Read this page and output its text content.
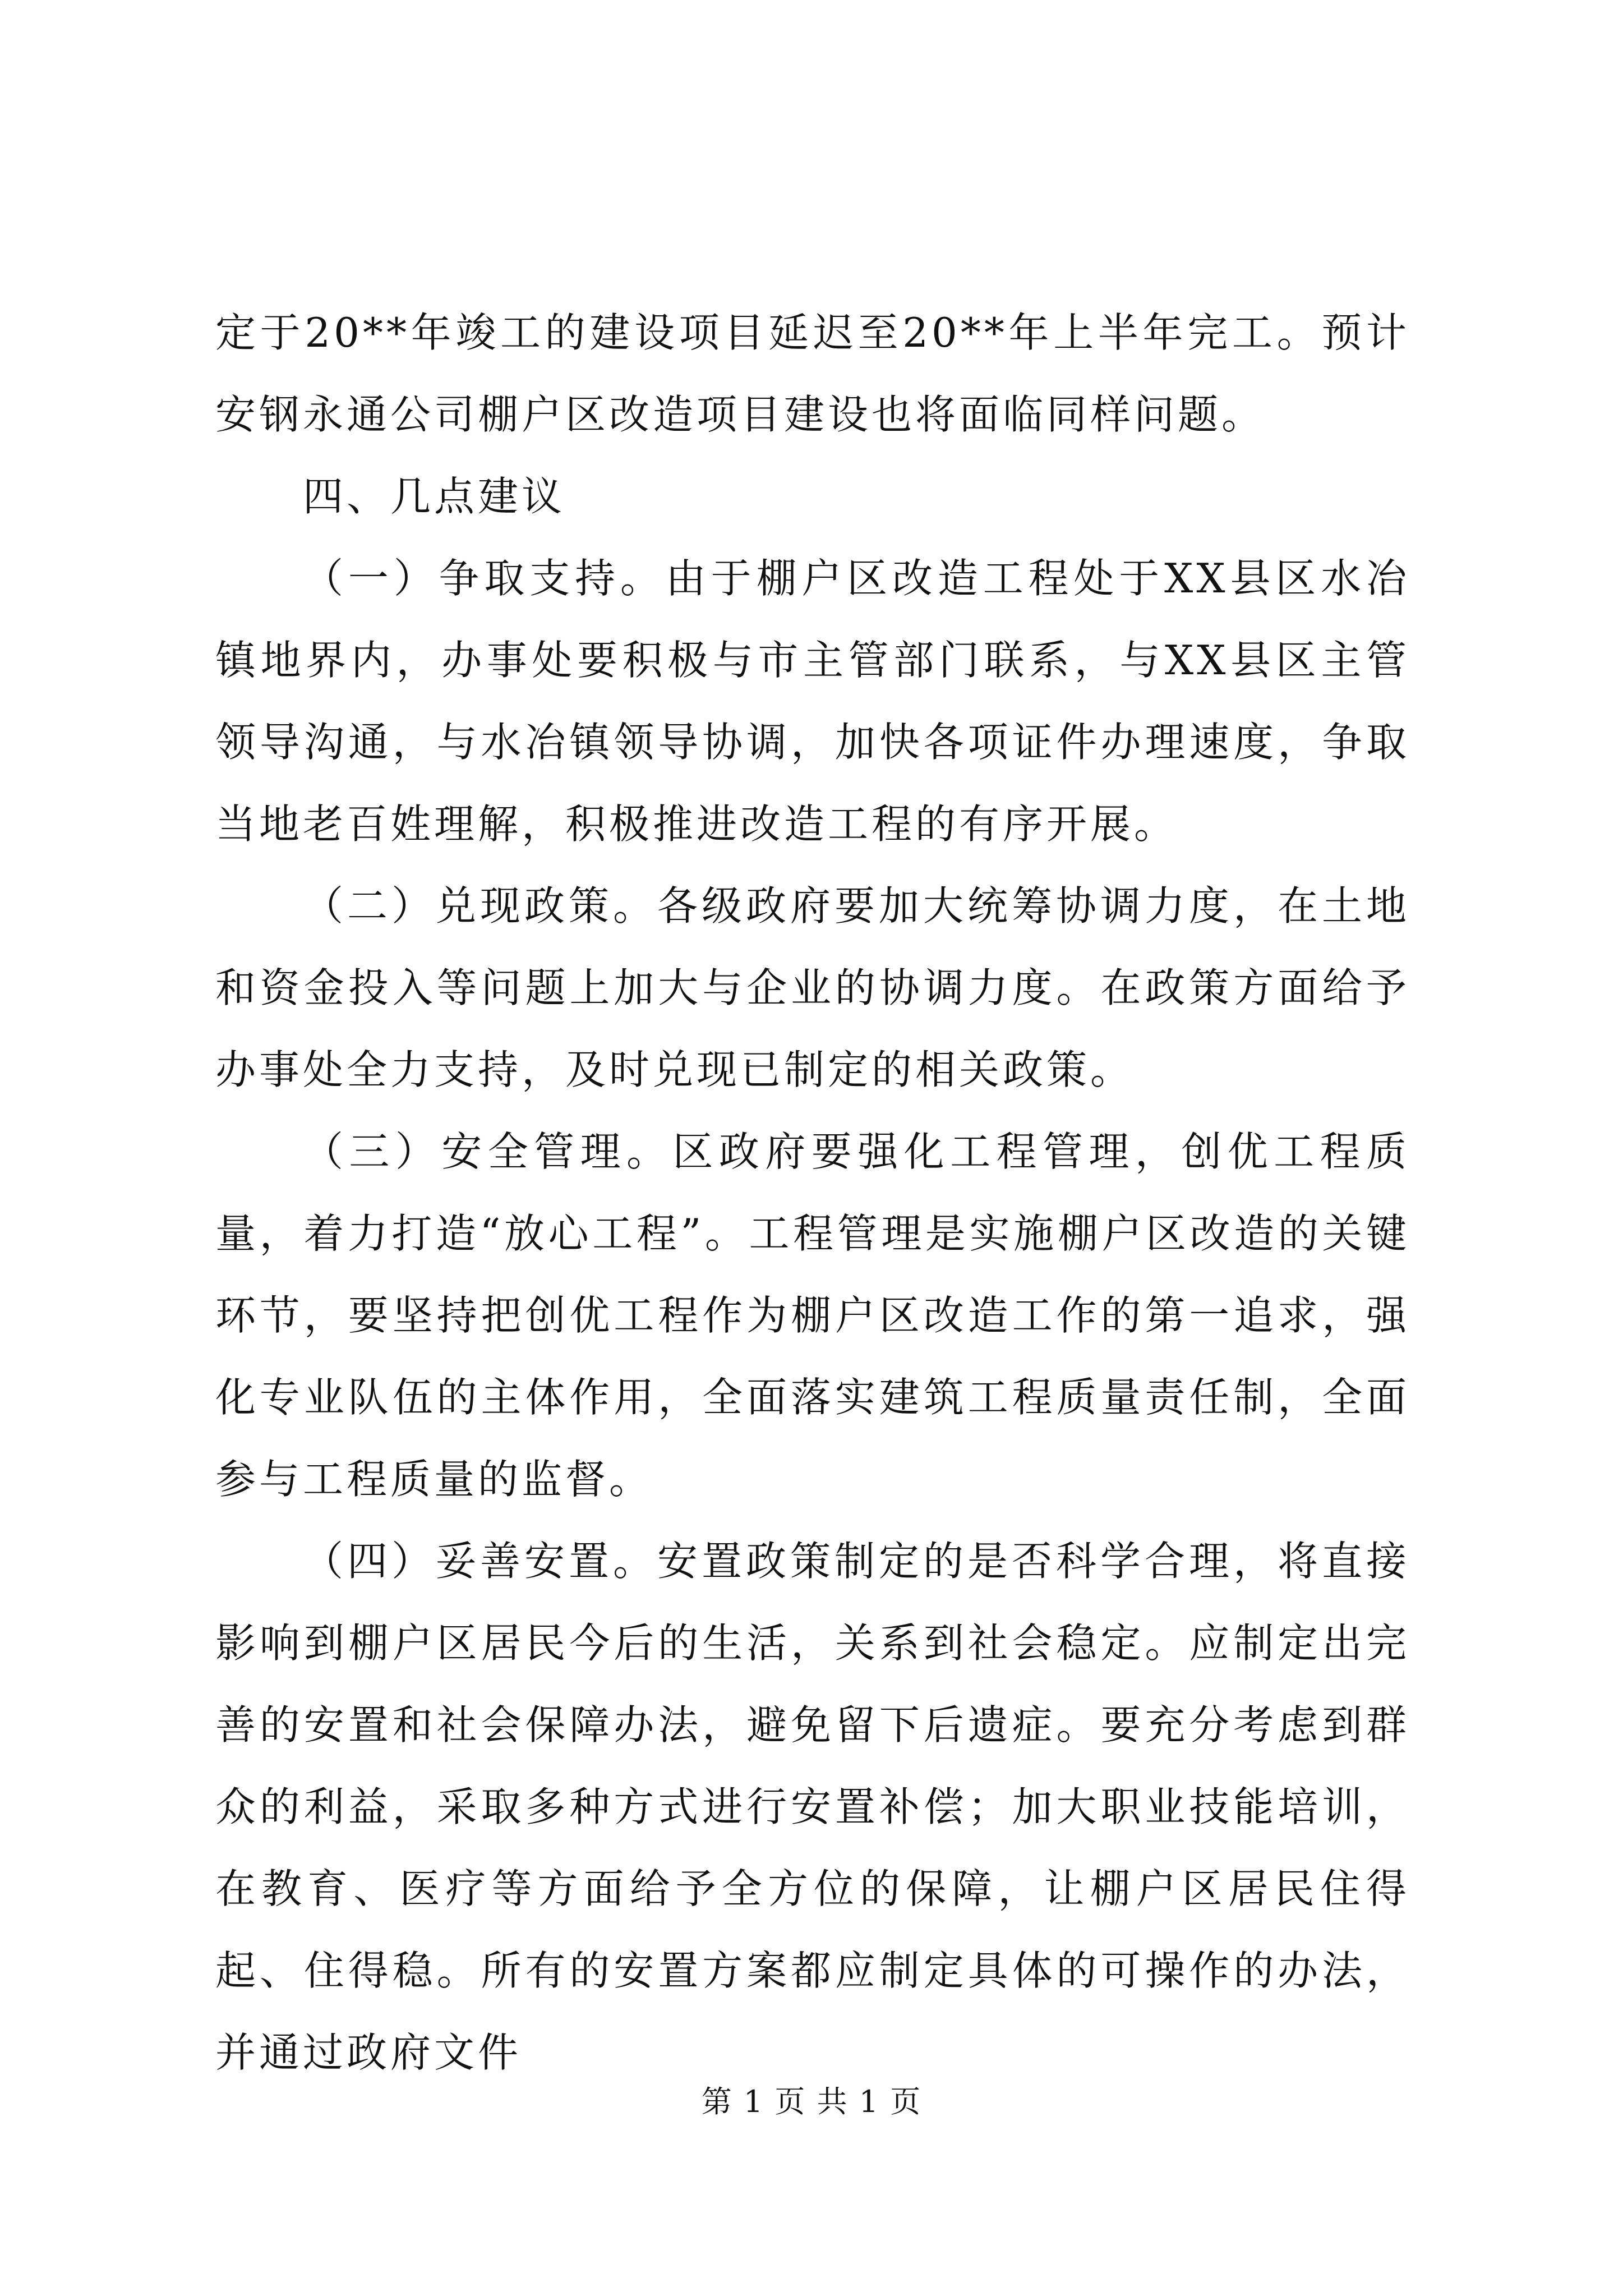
定于20**年竣工的建设项目延迟至20**年上半年完工。预计安钢永通公司棚户区改造项目建设也将面临同样问题。

四、几点建议

（一）争取支持。由于棚户区改造工程处于XX县区水冶镇地界内，办事处要积极与市主管部门联系，与XX县区主管领导沟通，与水冶镇领导协调，加快各项证件办理速度，争取当地老百姓理解，积极推进改造工程的有序开展。

（二）兑现政策。各级政府要加大统筹协调力度，在土地和资金投入等问题上加大与企业的协调力度。在政策方面给予办事处全力支持，及时兑现已制定的相关政策。

（三）安全管理。区政府要强化工程管理，创优工程质量，着力打造“放心工程”。工程管理是实施棚户区改造的关键环节，要坚持把创优工程作为棚户区改造工作的第一追求，强化专业队伍的主体作用，全面落实建筑工程质量责任制，全面参与工程质量的监督。

（四）妥善安置。安置政策制定的是否科学合理，将直接影响到棚户区居民今后的生活，关系到社会稳定。应制定出完善的安置和社会保障办法，避免留下后遗症。要充分考虑到群众的利益，采取多种方式进行安置补偿；加大职业技能培训，在教育、医疗等方面给予全方位的保障，让棚户区居民住得起、住得稳。所有的安置方案都应制定具体的可操作的办法，并通过政府文件

第 1 页 共 1 页
